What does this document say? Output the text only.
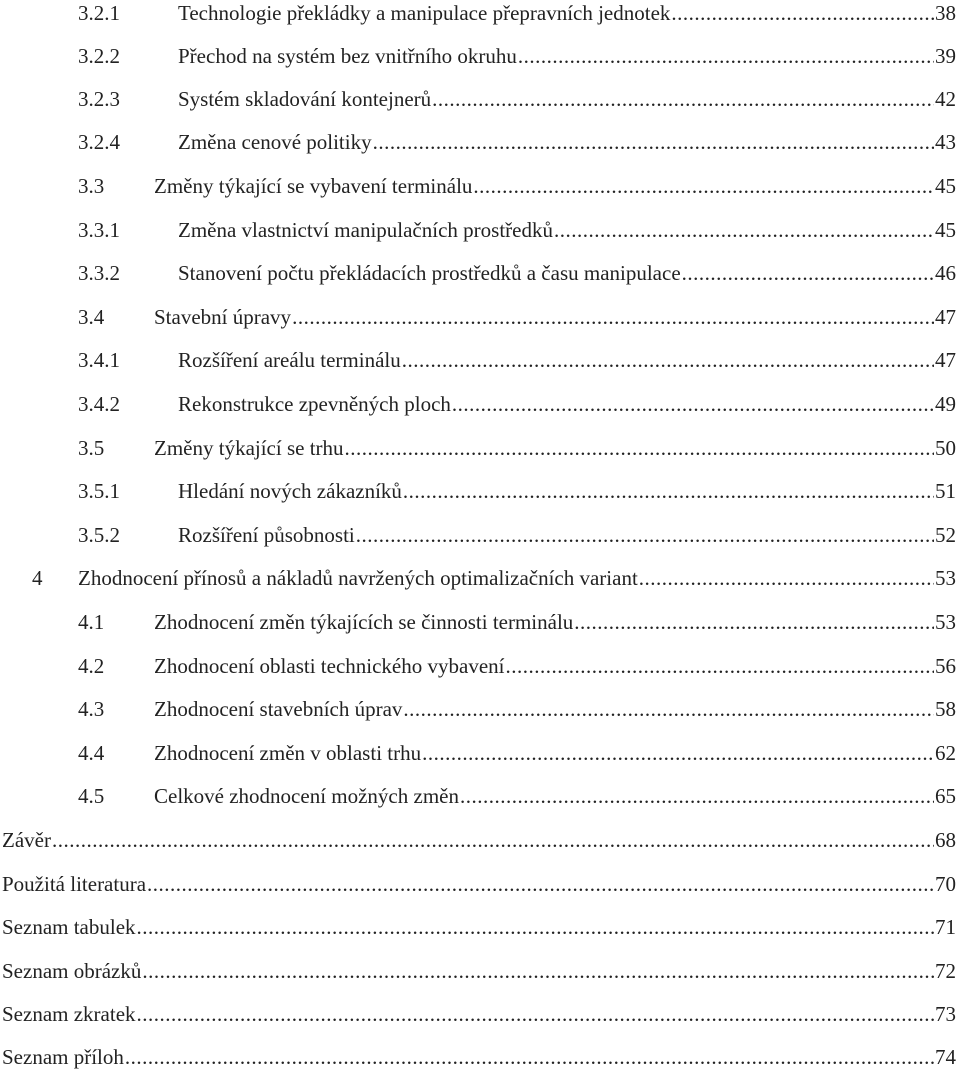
3.2.1	Technologie překládky a manipulace přepravních jednotek .....	38
3.2.2	Přechod na systém bez vnitřního okruhu .....	39
3.2.3	Systém skladování kontejnerů .....	42
3.2.4	Změna cenové politiky .....	43
3.3	Změny týkající se vybavení terminálu .....	45
3.3.1	Změna vlastnictví manipulačních prostředků .....	45
3.3.2	Stanovení počtu překládacích prostředků a času manipulace .....	46
3.4	Stavební úpravy .....	47
3.4.1	Rozšíření areálu terminálu .....	47
3.4.2	Rekonstrukce zpevněných ploch .....	49
3.5	Změny týkající se trhu .....	50
3.5.1	Hledání nových zákazníků .....	51
3.5.2	Rozšíření působnosti .....	52
4	Zhodnocení přínosů a nákladů navržených optimalizačních variant .....	53
4.1	Zhodnocení změn týkajících se činnosti terminálu .....	53
4.2	Zhodnocení oblasti technického vybavení .....	56
4.3	Zhodnocení stavebních úprav .....	58
4.4	Zhodnocení změn v oblasti trhu .....	62
4.5	Celkové zhodnocení možných změn .....	65
Závěr .....	68
Použitá literatura .....	70
Seznam tabulek .....	71
Seznam obrázků .....	72
Seznam zkratek .....	73
Seznam příloh .....	74
